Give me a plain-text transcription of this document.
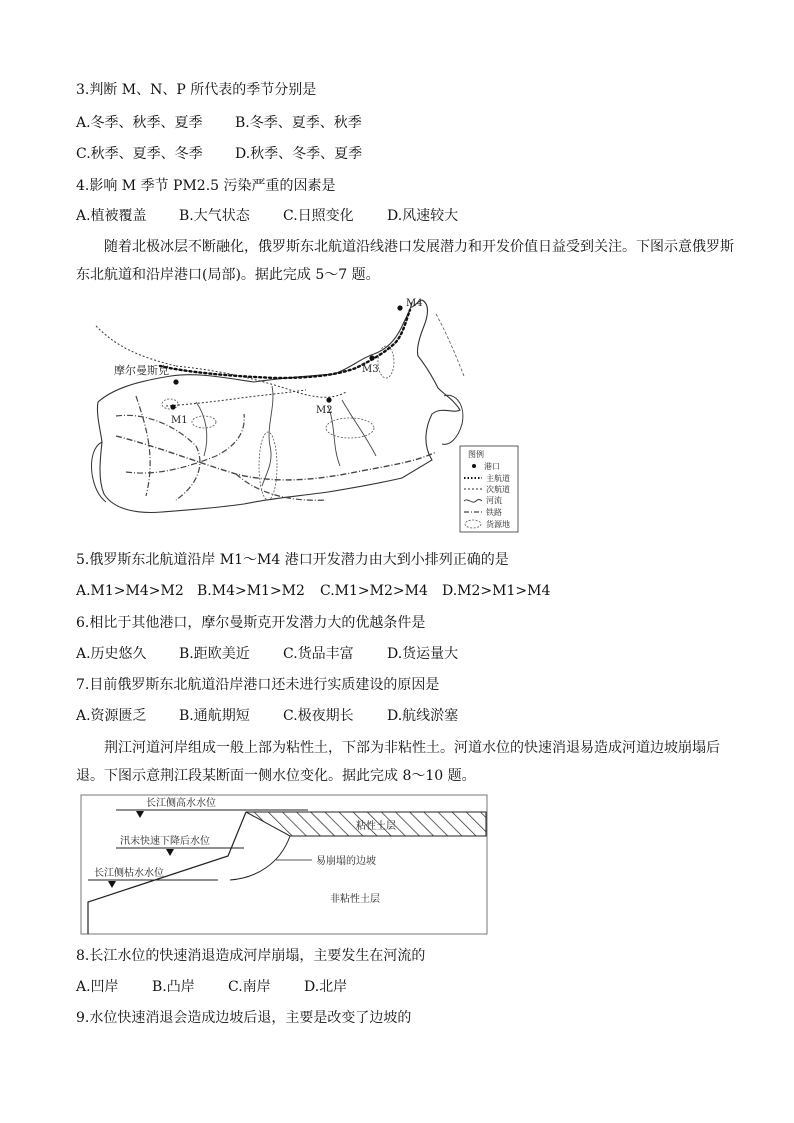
3.判断 M、N、P 所代表的季节分别是
A.冬季、秋季、夏季 B.冬季、夏季、秋季
C.秋季、夏季、冬季 D.秋季、冬季、夏季
4.影响 M 季节 PM2.5 污染严重的因素是
A.植被覆盖 B.大气状态 C.日照变化 D.风速较大
随着北极冰层不断融化，俄罗斯东北航道沿线港口发展潜力和开发价值日益受到关注。下图示意俄罗斯东北航道和沿岸港口(局部)。据此完成 5～7 题。
摩尔曼斯克
M1
M2
M3
M4
图例
港口
主航道
次航道
河流
铁路
货源地
5.俄罗斯东北航道沿岸 M1～M4 港口开发潜力由大到小排列正确的是
A.M1>M4>M2 B.M4>M1>M2 C.M1>M2>M4 D.M2>M1>M4
6.相比于其他港口，摩尔曼斯克开发潜力大的优越条件是
A.历史悠久 B.距欧美近 C.货品丰富 D.货运量大
7.目前俄罗斯东北航道沿岸港口还未进行实质建设的原因是
A.资源匮乏 B.通航期短 C.极夜期长 D.航线淤塞
荆江河道河岸组成一般上部为粘性土，下部为非粘性土。河道水位的快速消退易造成河道边坡崩塌后退。下图示意荆江段某断面一侧水位变化。据此完成 8～10 题。
长江侧高水水位
汛末快速下降后水位
长江侧枯水水位
粘性土层
易崩塌的边坡
非粘性土层
8.长江水位的快速消退造成河岸崩塌，主要发生在河流的
A.凹岸 B.凸岸 C.南岸 D.北岸
9.水位快速消退会造成边坡后退，主要是改变了边坡的
